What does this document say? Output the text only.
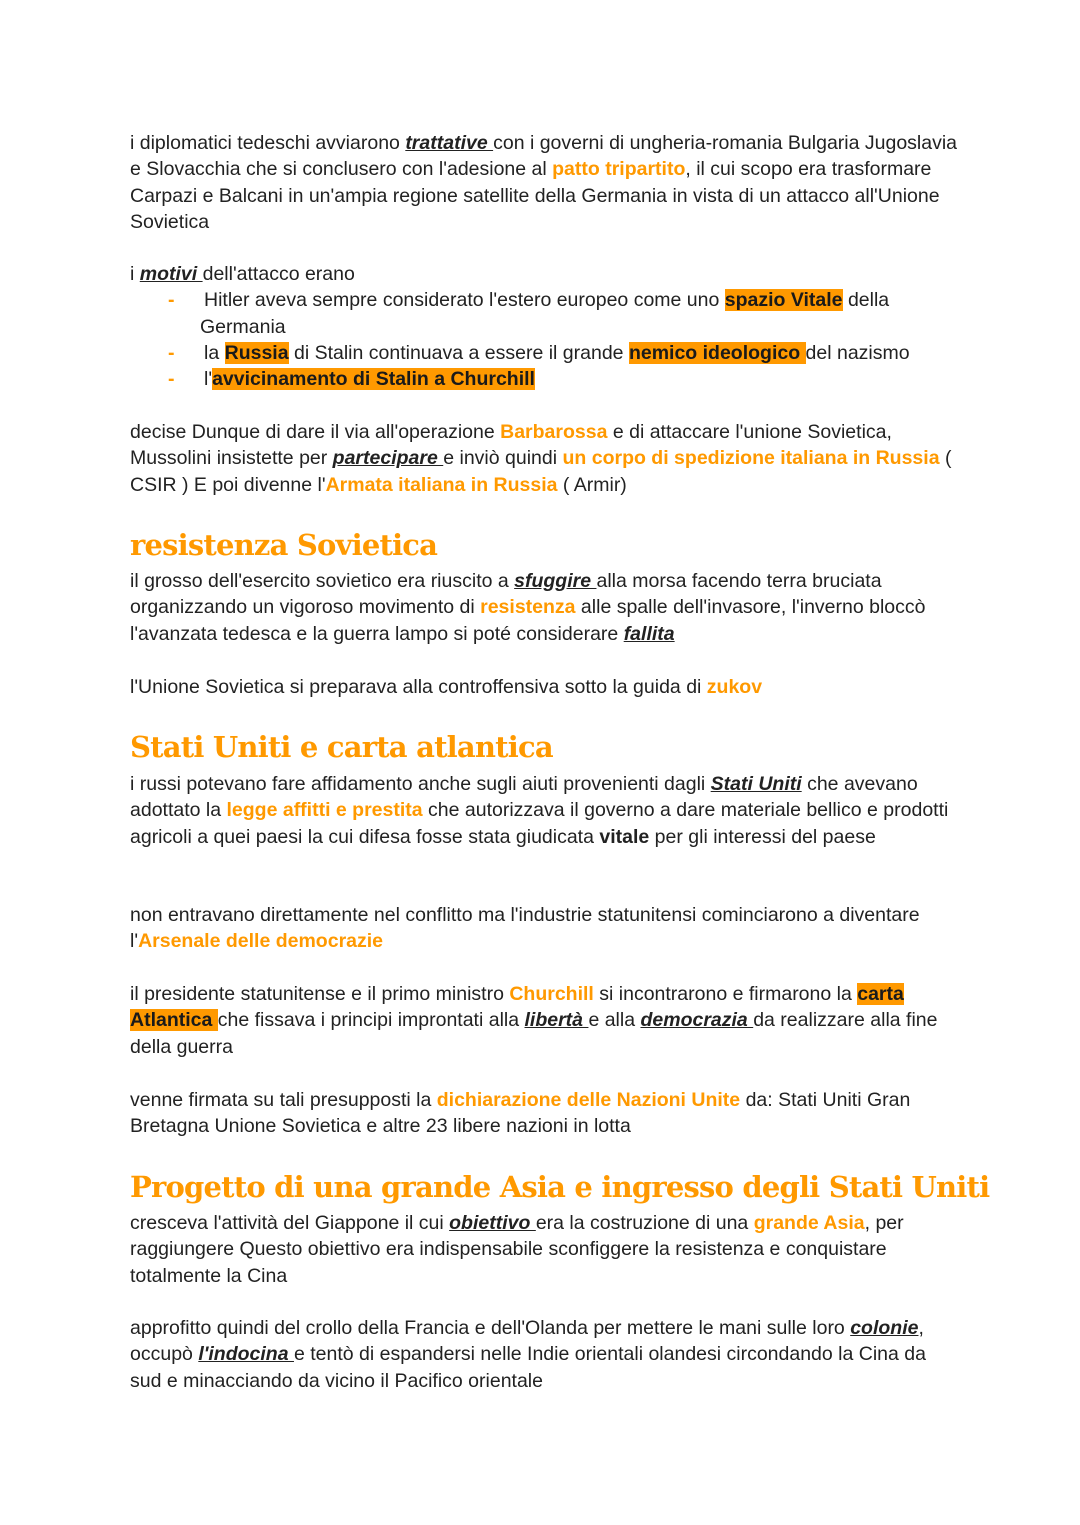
i diplomatici tedeschi avviarono trattative con i governi di ungheria-romania Bulgaria Jugoslavia e Slovacchia che si conclusero con l'adesione al patto tripartito, il cui scopo era trasformare Carpazi e Balcani in un'ampia regione satellite della Germania in vista di un attacco all'Unione Sovietica

i motivi dell'attacco erano
- Hitler aveva sempre considerato l'estero europeo come uno spazio Vitale della Germania
- la Russia di Stalin continuava a essere il grande nemico ideologico del nazismo
- l'avvicinamento di Stalin a Churchill

decise Dunque di dare il via all'operazione Barbarossa e di attaccare l'unione Sovietica, Mussolini insistette per partecipare e inviò quindi un corpo di spedizione italiana in Russia ( CSIR ) E poi divenne l'Armata italiana in Russia ( Armir)

resistenza Sovietica

il grosso dell'esercito sovietico era riuscito a sfuggire alla morsa facendo terra bruciata organizzando un vigoroso movimento di resistenza alle spalle dell'invasore, l'inverno bloccò l'avanzata tedesca e la guerra lampo si poté considerare fallita

l'Unione Sovietica si preparava alla controffensiva sotto la guida di zukov

Stati Uniti e carta atlantica

i russi potevano fare affidamento anche sugli aiuti provenienti dagli Stati Uniti che avevano adottato la legge affitti e prestita che autorizzava il governo a dare materiale bellico e prodotti agricoli a quei paesi la cui difesa fosse stata giudicata vitale per gli interessi del paese

non entravano direttamente nel conflitto ma l'industrie statunitensi cominciarono a diventare l'Arsenale delle democrazie

il presidente statunitense e il primo ministro Churchill si incontrarono e firmarono la carta Atlantica che fissava i principi improntati alla libertà e alla democrazia da realizzare alla fine della guerra

venne firmata su tali presupposti la dichiarazione delle Nazioni Unite da: Stati Uniti Gran Bretagna Unione Sovietica e altre 23 libere nazioni in lotta

Progetto di una grande Asia e ingresso degli Stati Uniti

cresceva l'attività del Giappone il cui obiettivo era la costruzione di una grande Asia, per raggiungere Questo obiettivo era indispensabile sconfiggere la resistenza e conquistare totalmente la Cina

approfitto quindi del crollo della Francia e dell'Olanda per mettere le mani sulle loro colonie, occupò l'indocina e tentò di espandersi nelle Indie orientali olandesi circondando la Cina da sud e minacciando da vicino il Pacifico orientale
